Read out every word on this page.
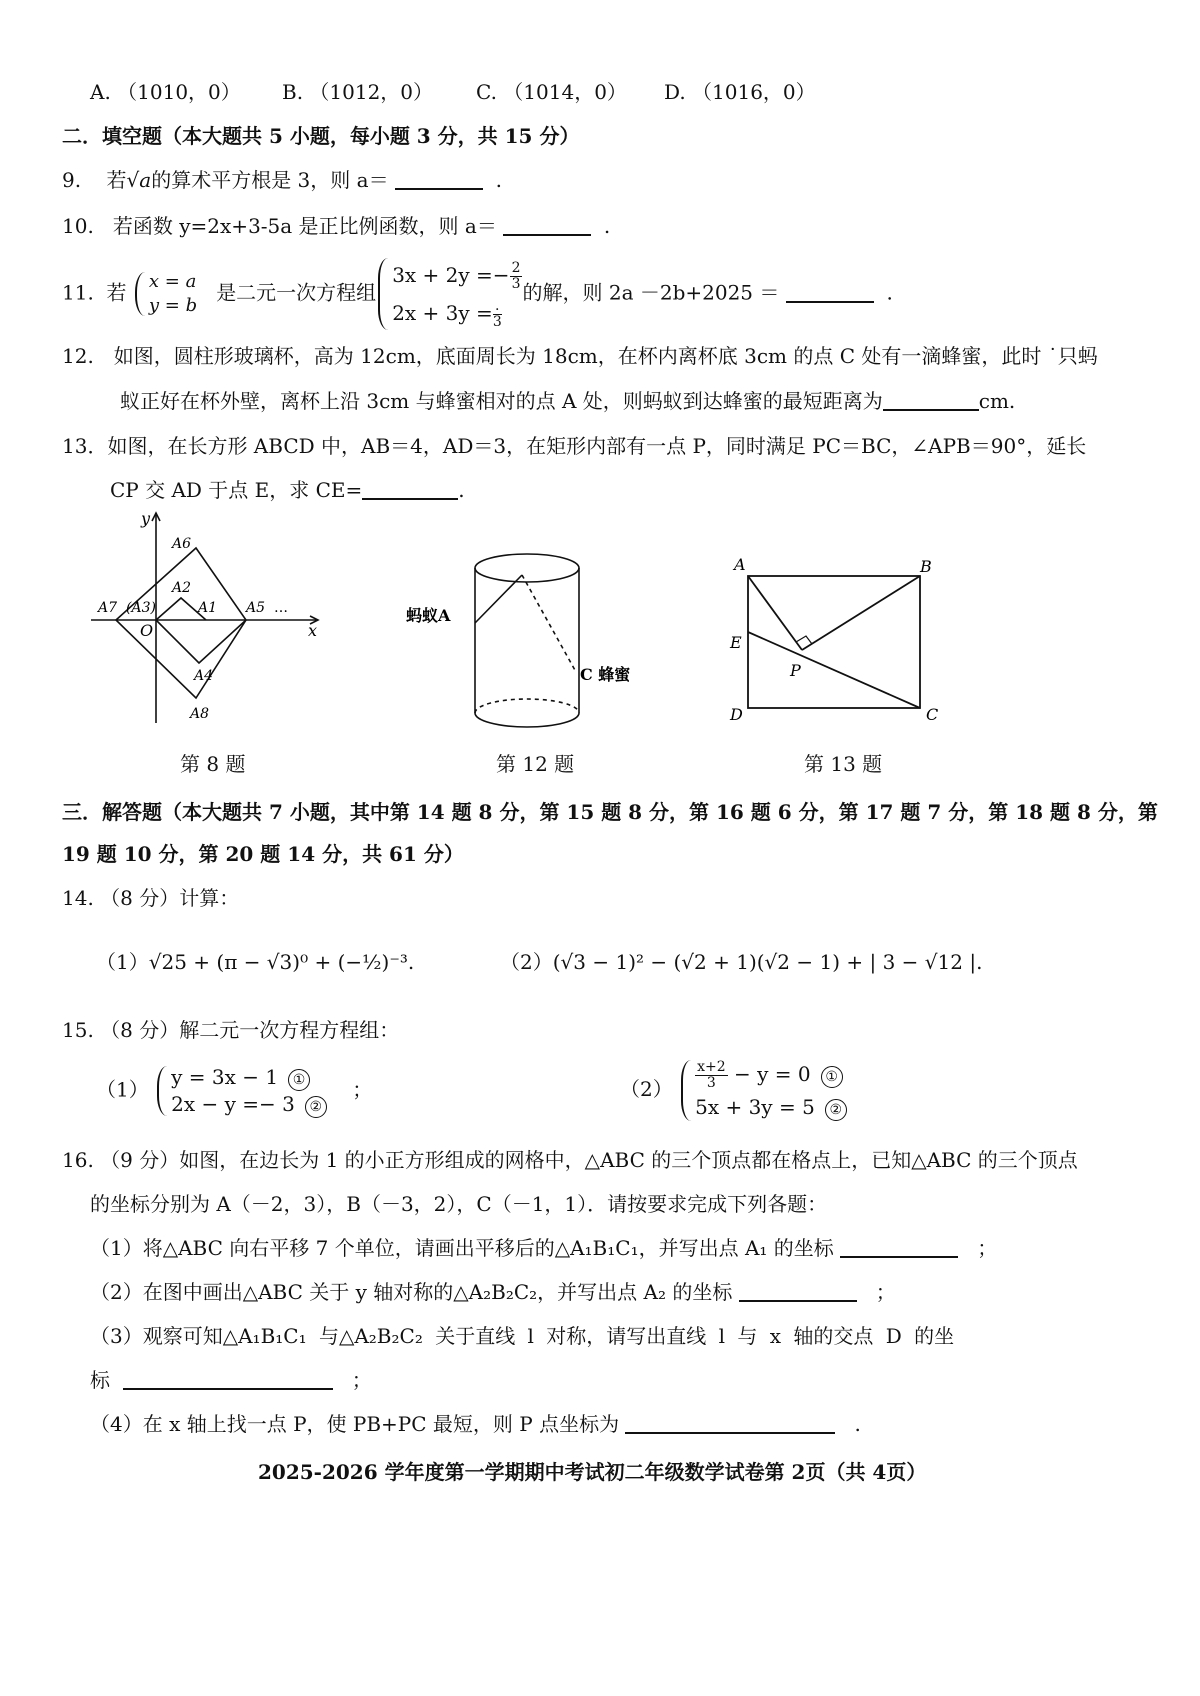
A. （1010，0） B. （1012，0） C. （1014，0） D. （1016，0）
二．填空题（本大题共 5 小题，每小题 3 分，共 15 分）
9. 若√a的算术平方根是 3，则 a＝	.
10. 若函数 y=2x+3-5a 是正比例函数，则 a＝	.
11. 若 x = a
y = b   是二元一次方程组$3x + 2y =- \frac{2}{3}$

$2x + 3y = \frac{.}{3}$
的解，则 2a －2b+2025 ＝	.
12.　如图，圆柱形玻璃杯，高为 12cm，底面周长为 18cm，在杯内离杯底 3cm 的点 C 处有一滴蜂蜜，此时 ˙只蚂
蚁正好在杯外壁，离杯上沿 3cm 与蜂蜜相对的点 A 处，则蚂蚁到达蜂蜜的最短距离为	cm.
13．如图，在长方形 ABCD 中，AB＝4，AD＝3，在矩形内部有一点 P，同时满足 PC＝BC，∠APB＝90°，延长
CP 交 AD 于点 E，求 CE=	.
y
x
O
A6
A2
A7 (A3)	A1 A5 …
A4
A8
第 8 题
蚂蚁A
C 蜂蜜
第 12 题
A	B
E
P
D	C
第 13 题
三．解答题（本大题共 7 小题，其中第 14 题 8 分，第 15 题 8 分，第 16 题 6 分，第 17 题 7 分，第 18 题 8 分，第
19 题 10 分，第 20 题 14 分，共 61 分）
14. （8 分）计算：
（1）√25 + (π − √3)⁰ + (−½)⁻³.	（2）(√3 − 1)² − (√2 + 1)(√2 − 1) + | 3 − √12 |.
15. （8 分）解二元一次方程方程组：
（1） y = 3x − 1 ①
2x − y =− 3 ②    ；	$(2) \frac{x+2}{3} - y = 0$ ①
5x + 3y = 5 ②
16. （9 分）如图，在边长为 1 的小正方形组成的网格中，△ABC 的三个顶点都在格点上，已知△ABC 的三个顶点
的坐标分别为 A（－2，3），B（－3，2），C（－1，1）．请按要求完成下列各题：
（1）将△ABC 向右平移 7 个单位，请画出平移后的△A₁B₁C₁，并写出点 A₁ 的坐标	；
（2）在图中画出△ABC 关于 y 轴对称的△A₂B₂C₂，并写出点 A₂ 的坐标	；
（3）观察可知△A₁B₁C₁ 与△A₂B₂C₂ 关于直线 l 对称，请写出直线 l 与 x 轴的交点 D 的坐
标	；
（4）在 x 轴上找一点 P，使 PB+PC 最短，则 P 点坐标为	.
2025-2026 学年度第一学期期中考试初二年级数学试卷第 2页（共 4页）
